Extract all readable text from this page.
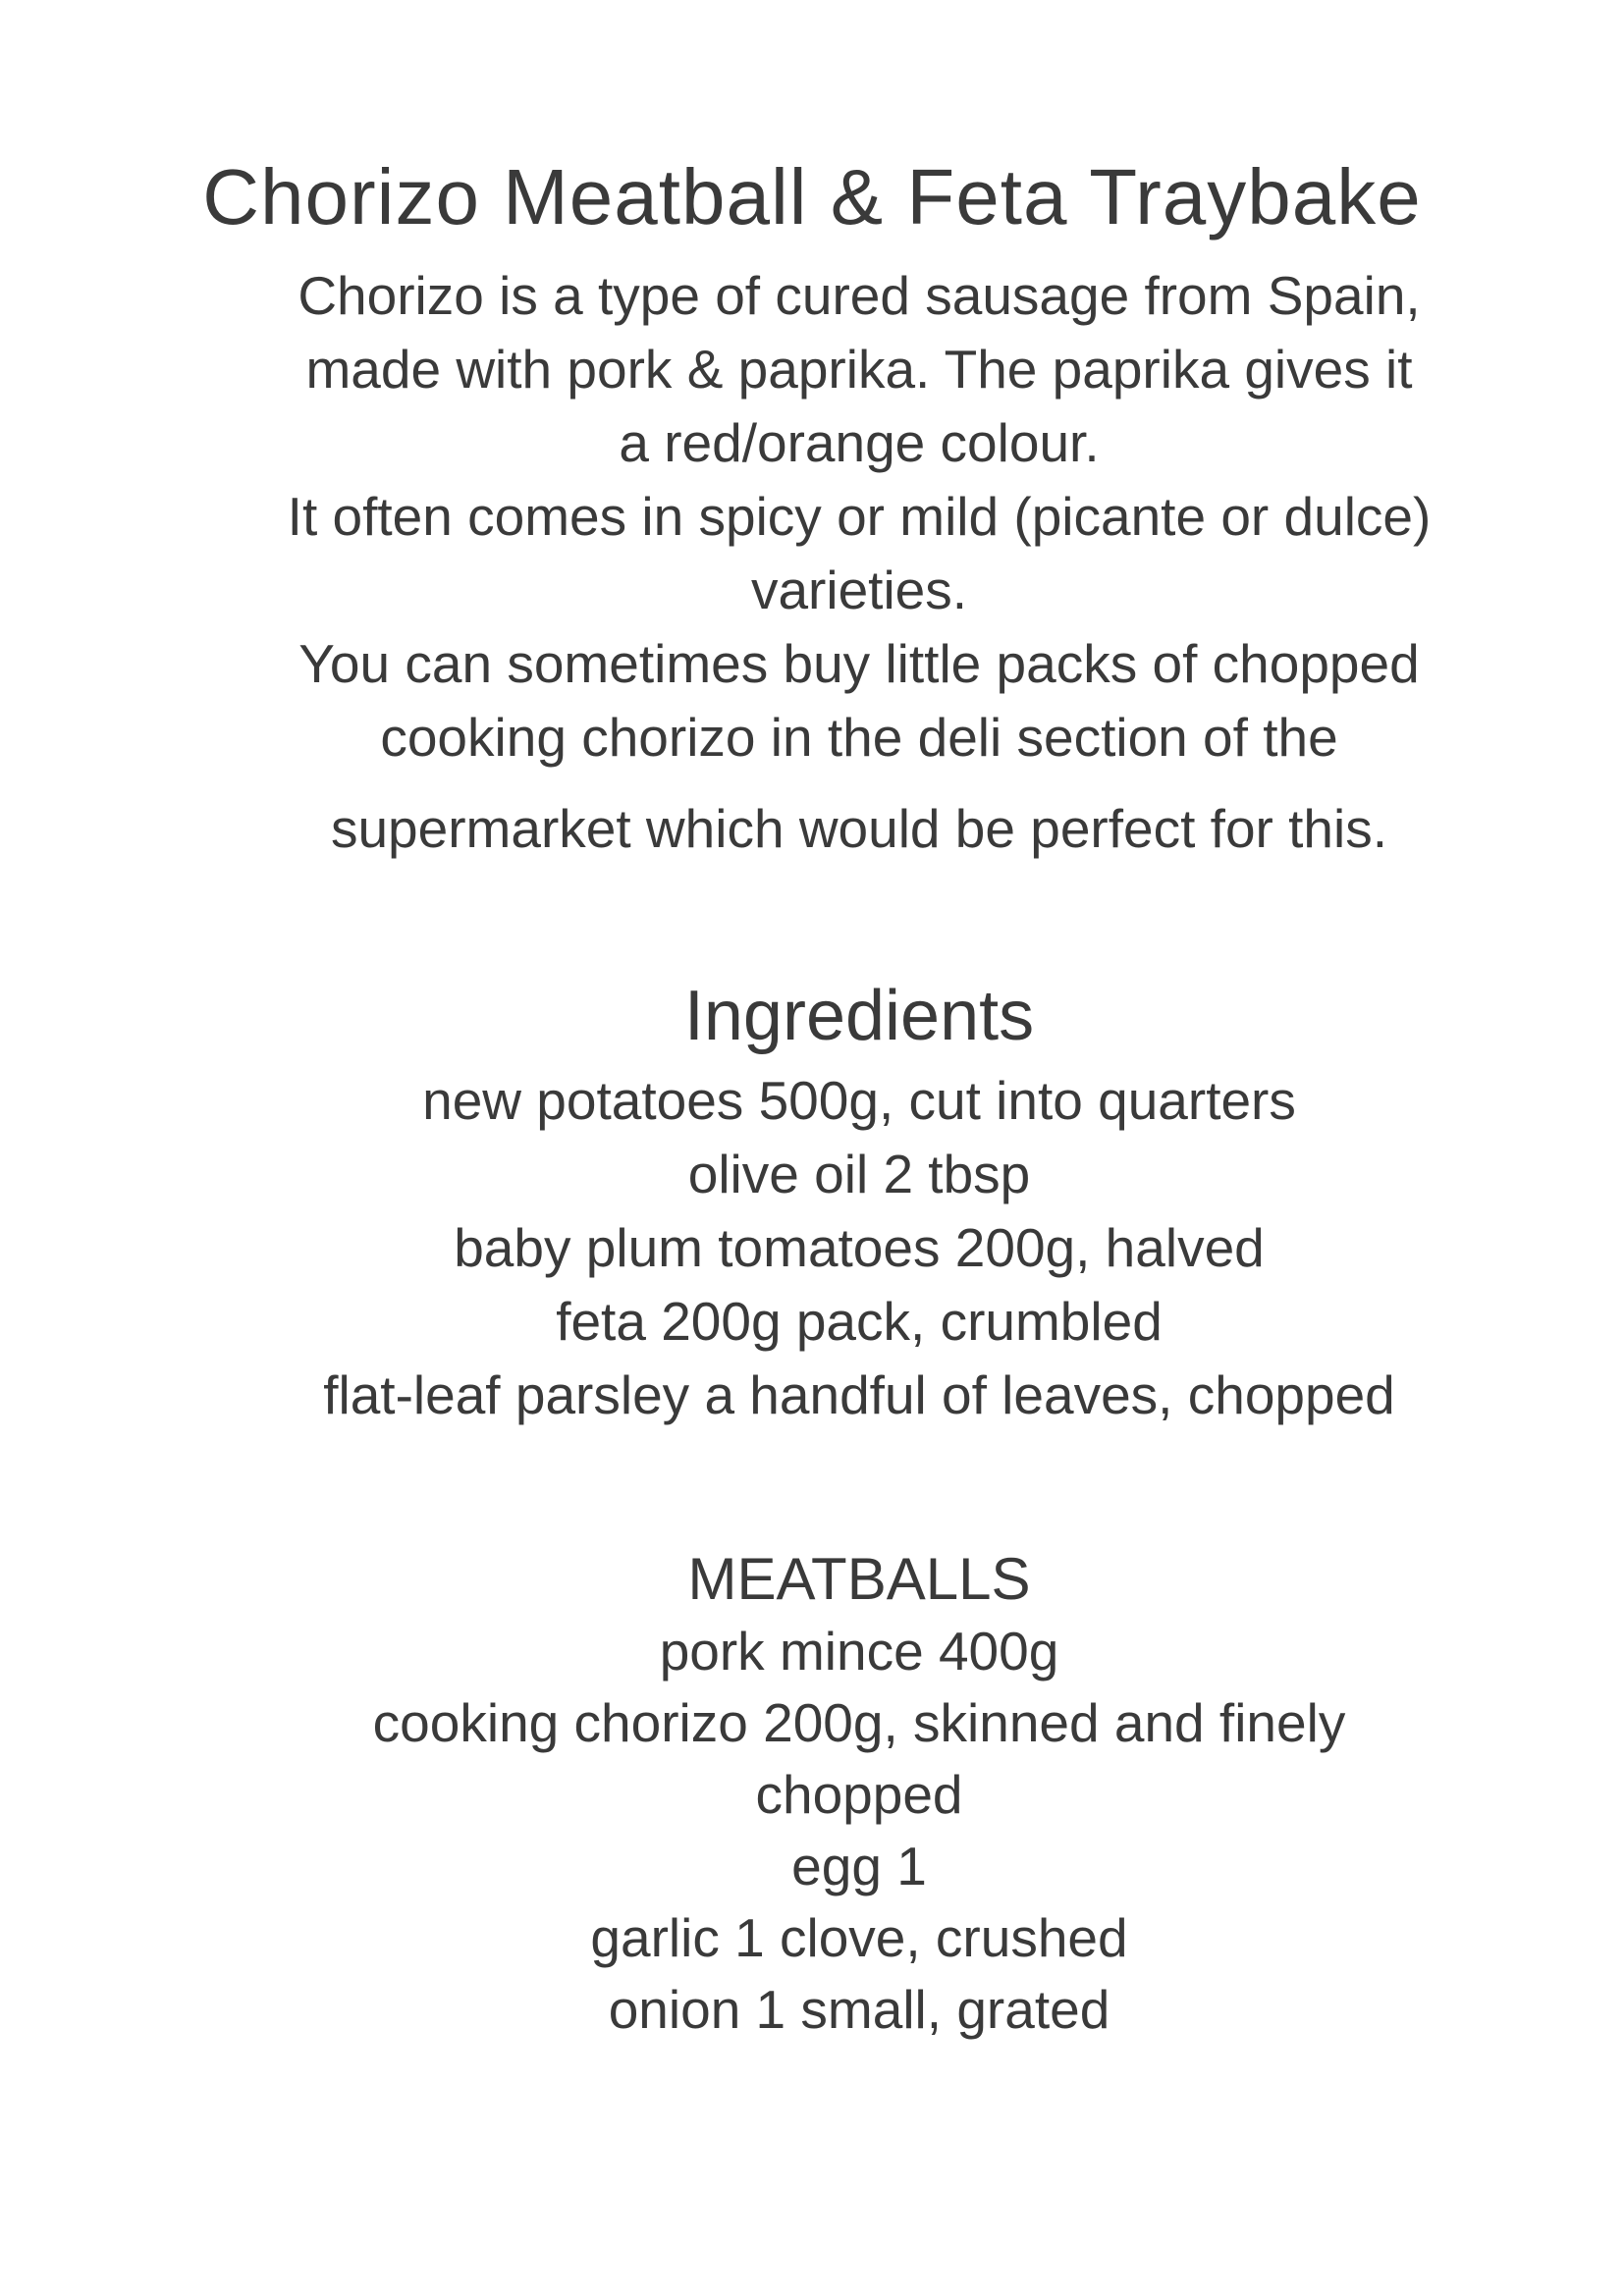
Chorizo Meatball & Feta Traybake

Chorizo is a type of cured sausage from Spain,

made with pork & paprika. The paprika gives it

a red/orange colour.

It often comes in spicy or mild (picante or dulce)

varieties.

You can sometimes buy little packs of chopped

cooking chorizo in the deli section of the

supermarket which would be perfect for this.

Ingredients

new potatoes 500g, cut into quarters

olive oil 2 tbsp

baby plum tomatoes 200g, halved

feta 200g pack, crumbled

flat-leaf parsley a handful of leaves, chopped

MEATBALLS

pork mince 400g

cooking chorizo 200g, skinned and finely

chopped

egg 1

garlic 1 clove, crushed

onion 1 small, grated
